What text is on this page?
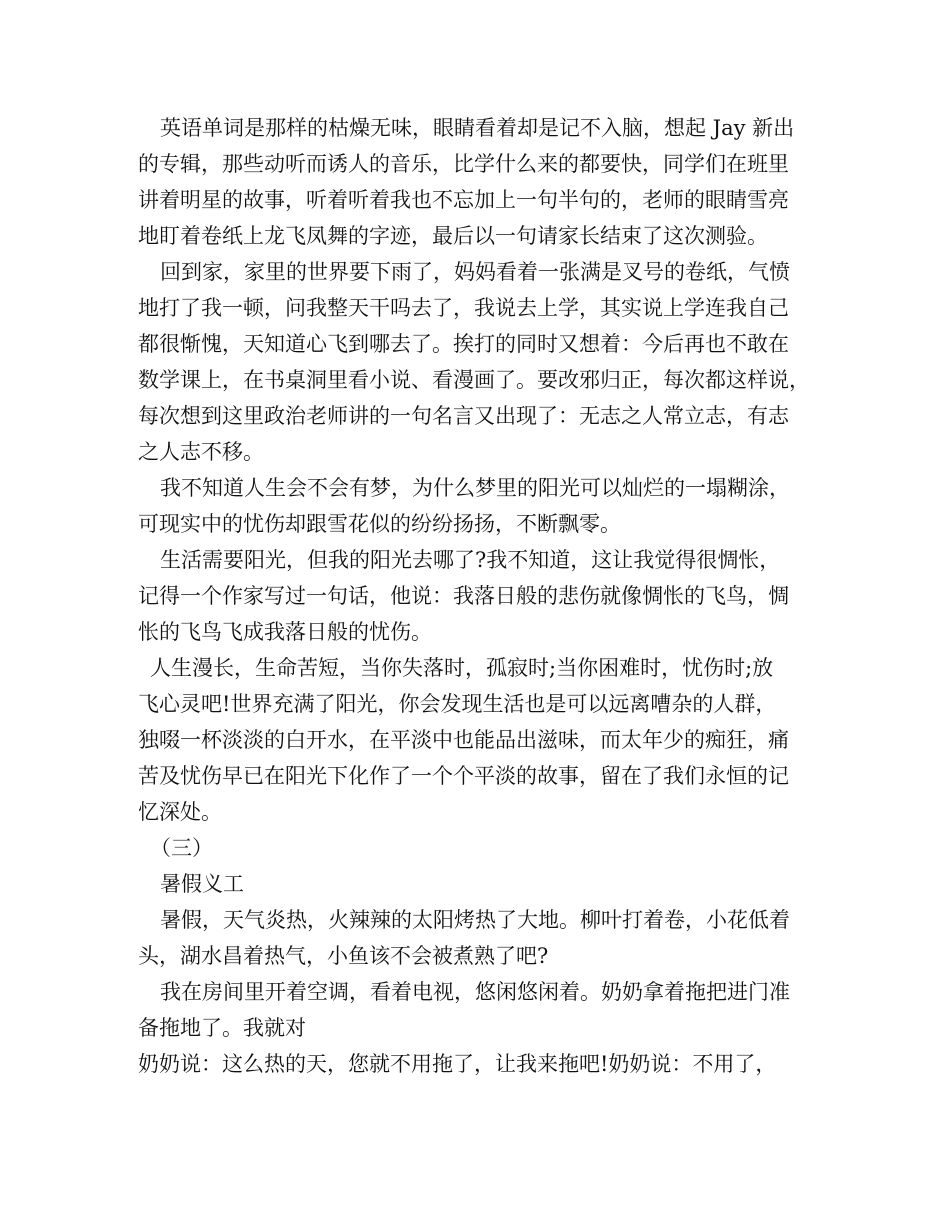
英语单词是那样的枯燥无味，眼睛看着却是记不入脑，想起 Jay 新出
的专辑，那些动听而诱人的音乐，比学什么来的都要快，同学们在班里
讲着明星的故事，听着听着我也不忘加上一句半句的，老师的眼睛雪亮
地盯着卷纸上龙飞凤舞的字迹，最后以一句请家长结束了这次测验。
回到家，家里的世界要下雨了，妈妈看着一张满是叉号的卷纸，气愤
地打了我一顿，问我整天干吗去了，我说去上学，其实说上学连我自己
都很惭愧，天知道心飞到哪去了。挨打的同时又想着：今后再也不敢在
数学课上，在书桌洞里看小说、看漫画了。要改邪归正，每次都这样说，
每次想到这里政治老师讲的一句名言又出现了：无志之人常立志，有志
之人志不移。
我不知道人生会不会有梦，为什么梦里的阳光可以灿烂的一塌糊涂，
可现实中的忧伤却跟雪花似的纷纷扬扬，不断飘零。
生活需要阳光，但我的阳光去哪了?我不知道，这让我觉得很惆怅，
记得一个作家写过一句话，他说：我落日般的悲伤就像惆怅的飞鸟，惆
怅的飞鸟飞成我落日般的忧伤。
人生漫长，生命苦短，当你失落时，孤寂时;当你困难时，忧伤时;放
飞心灵吧!世界充满了阳光，你会发现生活也是可以远离嘈杂的人群，
独啜一杯淡淡的白开水，在平淡中也能品出滋味，而太年少的痴狂，痛
苦及忧伤早已在阳光下化作了一个个平淡的故事，留在了我们永恒的记
忆深处。
（三）
暑假义工
暑假，天气炎热，火辣辣的太阳烤热了大地。柳叶打着卷，小花低着
头，湖水昌着热气，小鱼该不会被煮熟了吧?
我在房间里开着空调，看着电视，悠闲悠闲着。奶奶拿着拖把进门准
备拖地了。我就对
奶奶说：这么热的天，您就不用拖了，让我来拖吧!奶奶说：不用了，
